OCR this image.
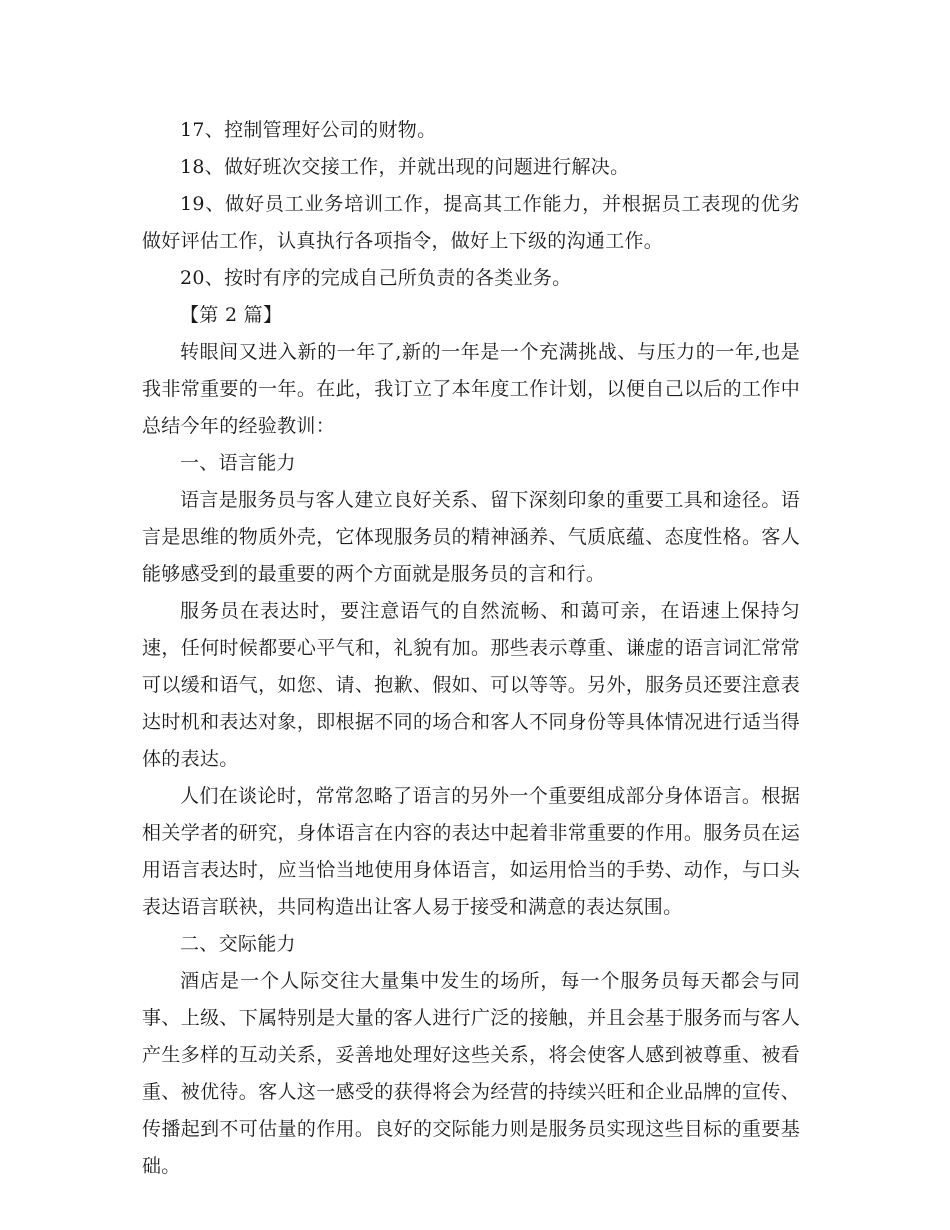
17、控制管理好公司的财物。

18、做好班次交接工作，并就出现的问题进行解决。

19、做好员工业务培训工作，提高其工作能力，并根据员工表现的优劣做好评估工作，认真执行各项指令，做好上下级的沟通工作。

20、按时有序的完成自己所负责的各类业务。

【第 2 篇】

转眼间又进入新的一年了,新的一年是一个充满挑战、与压力的一年,也是我非常重要的一年。在此，我订立了本年度工作计划，以便自己以后的工作中总结今年的经验教训：

一、语言能力

语言是服务员与客人建立良好关系、留下深刻印象的重要工具和途径。语言是思维的物质外壳，它体现服务员的精神涵养、气质底蕴、态度性格。客人能够感受到的最重要的两个方面就是服务员的言和行。

服务员在表达时，要注意语气的自然流畅、和蔼可亲，在语速上保持匀速，任何时候都要心平气和，礼貌有加。那些表示尊重、谦虚的语言词汇常常可以缓和语气，如您、请、抱歉、假如、可以等等。另外，服务员还要注意表达时机和表达对象，即根据不同的场合和客人不同身份等具体情况进行适当得体的表达。

人们在谈论时，常常忽略了语言的另外一个重要组成部分身体语言。根据相关学者的研究，身体语言在内容的表达中起着非常重要的作用。服务员在运用语言表达时，应当恰当地使用身体语言，如运用恰当的手势、动作，与口头表达语言联袂，共同构造出让客人易于接受和满意的表达氛围。

二、交际能力

酒店是一个人际交往大量集中发生的场所，每一个服务员每天都会与同事、上级、下属特别是大量的客人进行广泛的接触，并且会基于服务而与客人产生多样的互动关系，妥善地处理好这些关系，将会使客人感到被尊重、被看重、被优待。客人这一感受的获得将会为经营的持续兴旺和企业品牌的宣传、传播起到不可估量的作用。良好的交际能力则是服务员实现这些目标的重要基础。
